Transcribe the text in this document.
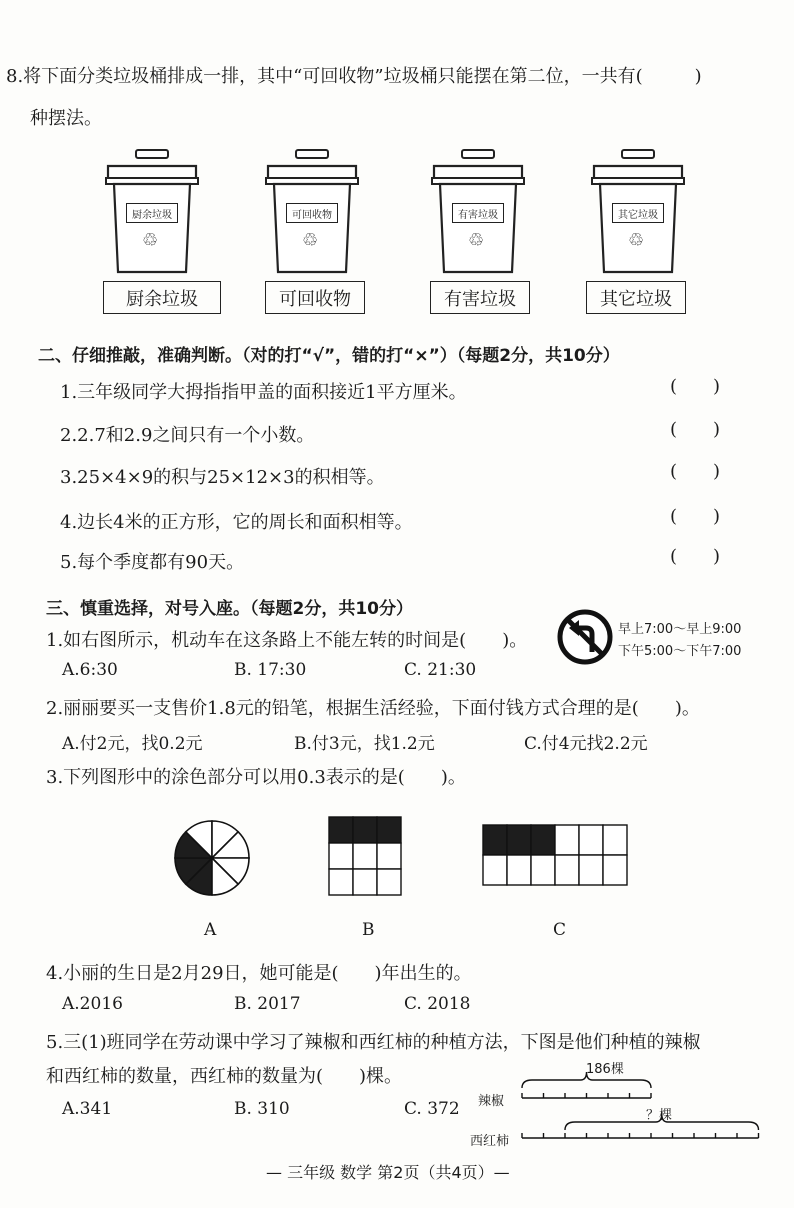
8.将下面分类垃圾桶排成一排，其中“可回收物”垃圾桶只能摆在第二位，一共有(	)
种摆法。
厨余垃圾
♲
厨余垃圾
可回收物
♲
可回收物
有害垃圾
♲
有害垃圾
其它垃圾
♲
其它垃圾
二、仔细推敲，准确判断。（对的打“√”，错的打“×”）（每题2分，共10分）
1.三年级同学大拇指指甲盖的面积接近1平方厘米。	(　　)
2.2.7和2.9之间只有一个小数。	(　　)
3.25×4×9的积与25×12×3的积相等。	(　　)
4.边长4米的正方形，它的周长和面积相等。	(　　)
5.每个季度都有90天。	(　　)
三、慎重选择，对号入座。（每题2分，共10分）
1.如右图所示，机动车在这条路上不能左转的时间是(　　)。
A.6:30	B. 17:30	C. 21:30
早上7:00～早上9:00
下午5:00～下午7:00
2.丽丽要买一支售价1.8元的铅笔，根据生活经验，下面付钱方式合理的是(　　)。
A.付2元，找0.2元	B.付3元，找1.2元	C.付4元找2.2元
3.下列图形中的涂色部分可以用0.3表示的是(　　)。
A	B	C
4.小丽的生日是2月29日，她可能是(　　)年出生的。
A.2016	B. 2017	C. 2018
5.三(1)班同学在劳动课中学习了辣椒和西红柿的种植方法，下图是他们种植的辣椒
和西红柿的数量，西红柿的数量为(　　)棵。
A.341	B. 310	C. 372
186棵
辣椒
西红柿
？棵
— 三年级 数学 第2页（共4页）—
